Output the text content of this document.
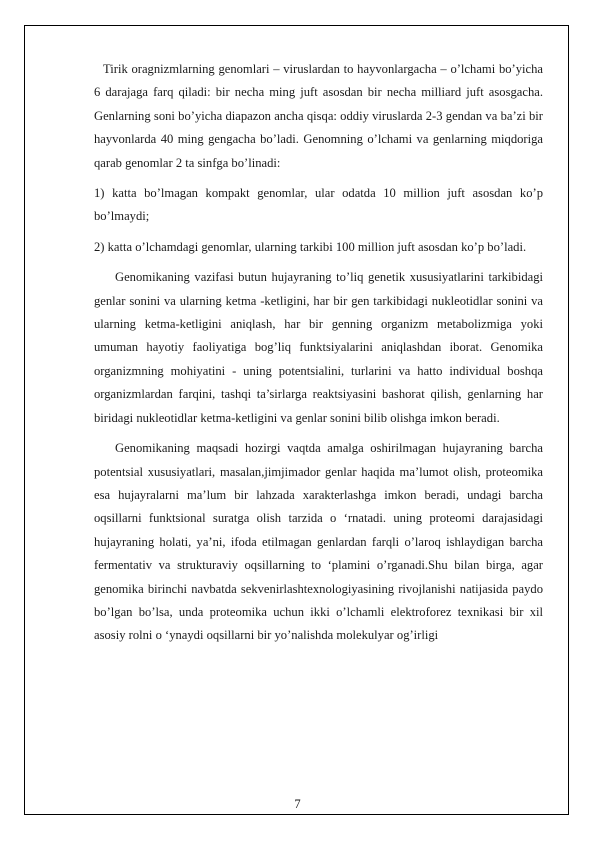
Tirik oragnizmlarning genomlari – viruslardan to hayvonlargacha – o’lchami bo’yicha 6 darajaga farq qiladi: bir necha ming juft asosdan bir necha milliard juft asosgacha. Genlarning soni bo’yicha diapazon ancha qisqa: oddiy viruslarda 2-3 gendan va ba’zi bir hayvonlarda 40 ming gengacha bo’ladi. Genomning o’lchami va genlarning miqdoriga qarab genomlar 2 ta sinfga bo’linadi:

1) katta bo’lmagan kompakt genomlar, ular odatda 10 million juft asosdan ko’p bo’lmaydi;

2) katta o’lchamdagi genomlar, ularning tarkibi 100 million juft asosdan ko’p bo’ladi.

Genomikaning vazifasi butun hujayraning to’liq genetik xususiyatlarini tarkibidagi genlar sonini va ularning ketma -ketligini, har bir gen tarkibidagi nukleotidlar sonini va ularning ketma-ketligini aniqlash, har bir genning organizm metabolizmiga yoki umuman hayotiy faoliyatiga bog’liq funktsiyalarini aniqlashdan iborat. Genomika organizmning mohiyatini - uning potentsialini, turlarini va hatto individual boshqa organizmlardan farqini, tashqi ta’sirlarga reaktsiyasini bashorat qilish, genlarning har biridagi nukleotidlar ketma-ketligini va genlar sonini bilib olishga imkon beradi.

Genomikaning maqsadi hozirgi vaqtda amalga oshirilmagan hujayraning barcha potentsial xususiyatlari, masalan,jimjimador genlar haqida ma’lumot olish, proteomika esa hujayralarni ma’lum bir lahzada xarakterlashga imkon beradi, undagi barcha oqsillarni funktsional suratga olish tarzida o ‘rnatadi. uning proteomi darajasidagi hujayraning holati, ya’ni, ifoda etilmagan genlardan farqli o’laroq ishlaydigan barcha fermentativ va strukturaviy oqsillarning to ‘plamini o’rganadi.Shu bilan birga, agar genomika birinchi navbatda sekvenirlashtexnologiyasining rivojlanishi natijasida paydo bo’lgan bo’lsa, unda proteomika uchun ikki o’lchamli elektroforez texnikasi bir xil asosiy rolni o ‘ynaydi oqsillarni bir yo’nalishda molekulyar og’irligi

7
